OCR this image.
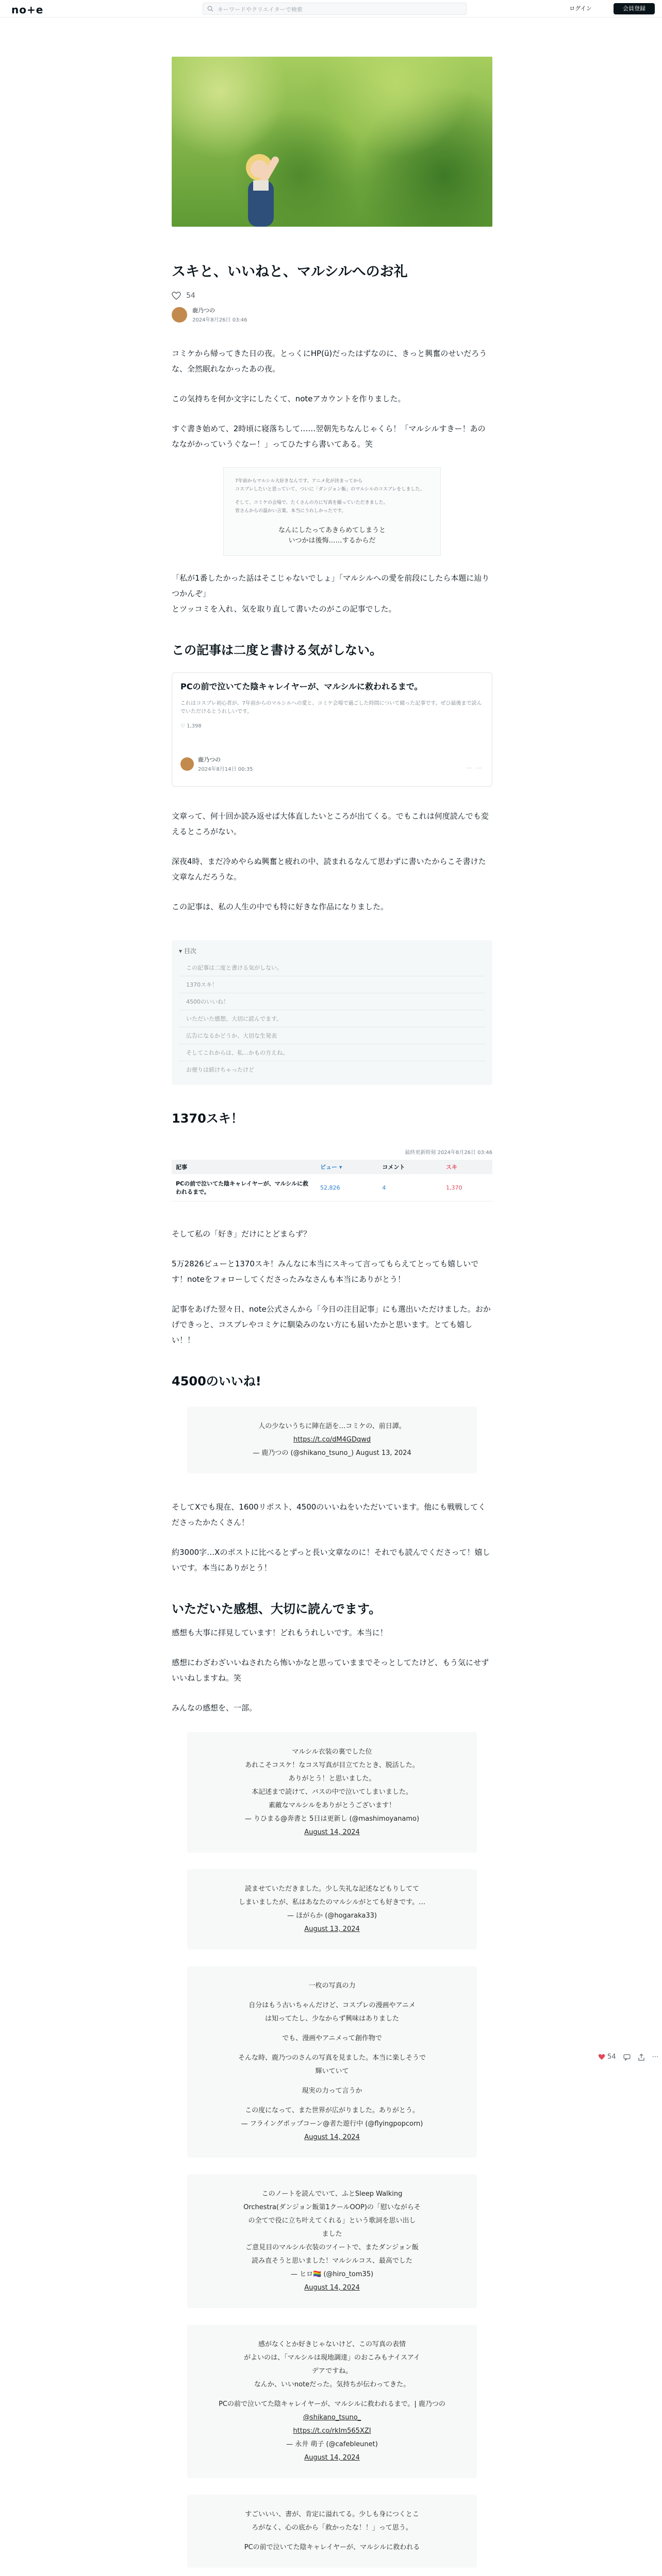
no+e	キーワードやクリエイターで検索	ログイン	会員登録
スキと、いいねと、マルシルへのお礼
54
鹿乃つの
2024年8月26日 03:46

コミケから帰ってきた日の夜。とっくにHP(ü)だったはずなのに、きっと興奮のせいだろうな、全然眠れなかったあの夜。

この気持ちを何か文字にしたくて、noteアカウントを作りました。

すぐ書き始めて、2時頃に寝落ちして……翌朝先ちなんじゃくら！「マルシルすきー！あのなながかっていうぐなー！」ってひたすら書いてある。笑

7年前からマルシル大好きなんです。アニメ化が決まってから
コスプレしたいと思っていて、ついに「ダンジョン飯」のマルシルのコスプレをしました。
そして、コミケの会場で、たくさんの方に写真を撮っていただきました。
皆さんからの温かい言葉、本当にうれしかったです。
なんにしたってあきらめてしまうと
いつかは後悔……するからだ

「私が1番したかった話はそこじゃないでしょ」「マルシルへの愛を前段にしたら本題に辿りつかんぞ」

とツッコミを入れ、気を取り直して書いたのがこの記事でした。

この記事は二度と書ける気がしない。
PCの前で泣いてた陰キャレイヤーが、マルシルに救われるまで。
これはコスプレ初心者が、7年前からのマルシルへの愛と、コミケ会場で過ごした時間について綴った記事です。ぜひ最後まで読んでいただけるとうれしいです。
♡ 1,398
鹿乃つの
2024年8月14日 00:35	⋯ ⋯

文章って、何十回か読み返せば大体直したいところが出てくる。でもこれは何度読んでも変えるところがない。

深夜4時、まだ冷めやらぬ興奮と疲れの中、読まれるなんて思わずに書いたからこそ書けた文章なんだろうな。

この記事は、私の人生の中でも特に好きな作品になりました。

▾ 目次
この記事は二度と書ける気がしない。
1370スキ！
4500のいいね！
いただいた感想、大切に読んでます。
広告になるかどうか、大切な生発表
そしてこれからは、私…かもの方えね。
お便りは続けちゃったけど
1370スキ！
最終更新時刻 2024年8月26日 03:46
記事	ビュー ▾	コメント	スキ
PCの前で泣いてた陰キャレイヤーが、マルシルに救われるまで。	52,826	4	1,370

そして私の「好き」だけにとどまらず？

5万2826ビューと1370スキ！みんなに本当にスキって言ってもらえてとっても嬉しいです！noteをフォローしてくださったみなさんも本当にありがとう！

記事をあげた翌々日、note公式さんから「今日の注目記事」にも選出いただけました。おかげできっと、コスプレやコミケに馴染みのない方にも届いたかと思います。とても嬉しい！！

4500のいいね!
人の少ないうちに陣在語を…コミケの、前日譚。
https://t.co/dM4GDqwd
— 鹿乃つの (@shikano_tsuno_) August 13, 2024

そしてXでも現在、1600リポスト、4500のいいねをいただいています。他にも戦戦してくださったかたくさん！

約3000字…Xのポストに比べるとずっと長い文章なのに！それでも読んでくださって！嬉しいです。本当にありがとう！

いただいた感想、大切に読んでます。

感想も大事に拝見しています！どれもうれしいです。本当に！

感想にわざわざいいねされたら怖いかなと思っていままでそっとしてたけど、もう気にせずいいねしますね。笑

みんなの感想を、一部。

マルシル衣装の裏でした位
あれこそコスケ！なコス写真が目立てたとき、脱活した。
ありがとう！と思いました。
本記述まで読けて、バスの中で泣いてしまいました。
素敵なマルシルをありがとうございます！
— りひまる@奔書と 5日は更新し (@mashimoyanamo)
August 14, 2024
読ませていただきました。少し失礼な記述などもりしてて
しまいましたが、私はあなたのマルシルがとても好きです。…
— ほがらか (@hogaraka33)
August 13, 2024
一枚の写真の力
自分はもう古いちゃんだけど、コスプレの漫画やアニメ
は知ってたし、少なからず興味はありました
でも、漫画やアニメって創作物で
そんな時、鹿乃つのさんの写真を見ました。本当に楽しそうで
輝いていて
現実の力って言うか
この度になって、また世界が広がりました。ありがとう。
— フライングポップコーン@者た遊行中 (@flyingpopcorn)
August 14, 2024
このノートを読んでいて、ふとSleep Walking
Orchestra(ダンジョン飯第1クールOOP)の「慰いながらそ
の全てで役に立ち叶えてくれる」という歌詞を思い出し
ました
ご意見目のマルシル衣装のツイートで、またダンジョン飯
読み直そうと思いました！マルシルコス、最高でした
— ヒロ🏳️‍🌈 (@hiro_tom35)
August 14, 2024
感がなくとか好きじゃないけど、この写真の表情
がよいのは、「マルシルは現地調達」のおこみもナイスアイ
デアですね。
なんか、いいnoteだった。気持ちが伝わってきた。
PCの前で泣いてた陰キャレイヤーが、マルシルに救われるまで。| 鹿乃つの
@shikano_tsuno_
https://t.co/rkIm565XZI
— 永井 萌子 (@cafebleunet)
August 14, 2024
すごいいい、書が、肯定に溢れてる。少しも身につくとこ
ろがなく、心の底から「救かったな！！」って思う。
PCの前で泣いてた陰キャレイヤーが、マルシルに救われる
54	⋯
